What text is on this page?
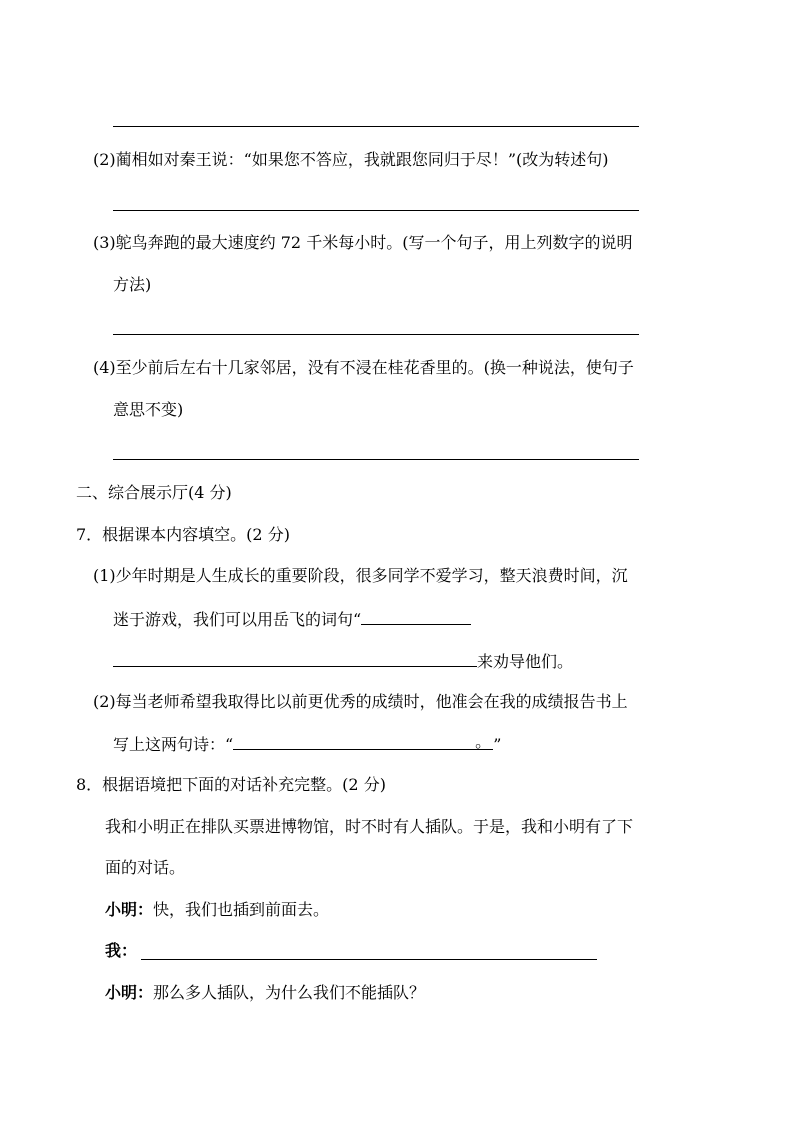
(2)蔺相如对秦王说：“如果您不答应，我就跟您同归于尽！”(改为转述句)
(3)鸵鸟奔跑的最大速度约 72 千米每小时。(写一个句子，用上列数字的说明
方法)
(4)至少前后左右十几家邻居，没有不浸在桂花香里的。(换一种说法，使句子
意思不变)
二、综合展示厅(4 分)
7．根据课本内容填空。(2 分)
(1)少年时期是人生成长的重要阶段，很多同学不爱学习，整天浪费时间，沉
迷于游戏，我们可以用岳飞的词句“
来劝导他们。
(2)每当老师希望我取得比以前更优秀的成绩时，他准会在我的成绩报告书上
写上这两句诗：“	。 ”
8．根据语境把下面的对话补充完整。(2 分)
我和小明正在排队买票进博物馆，时不时有人插队。于是，我和小明有了下
面的对话。
小明：快，我们也插到前面去。
我：
小明：那么多人插队，为什么我们不能插队？
